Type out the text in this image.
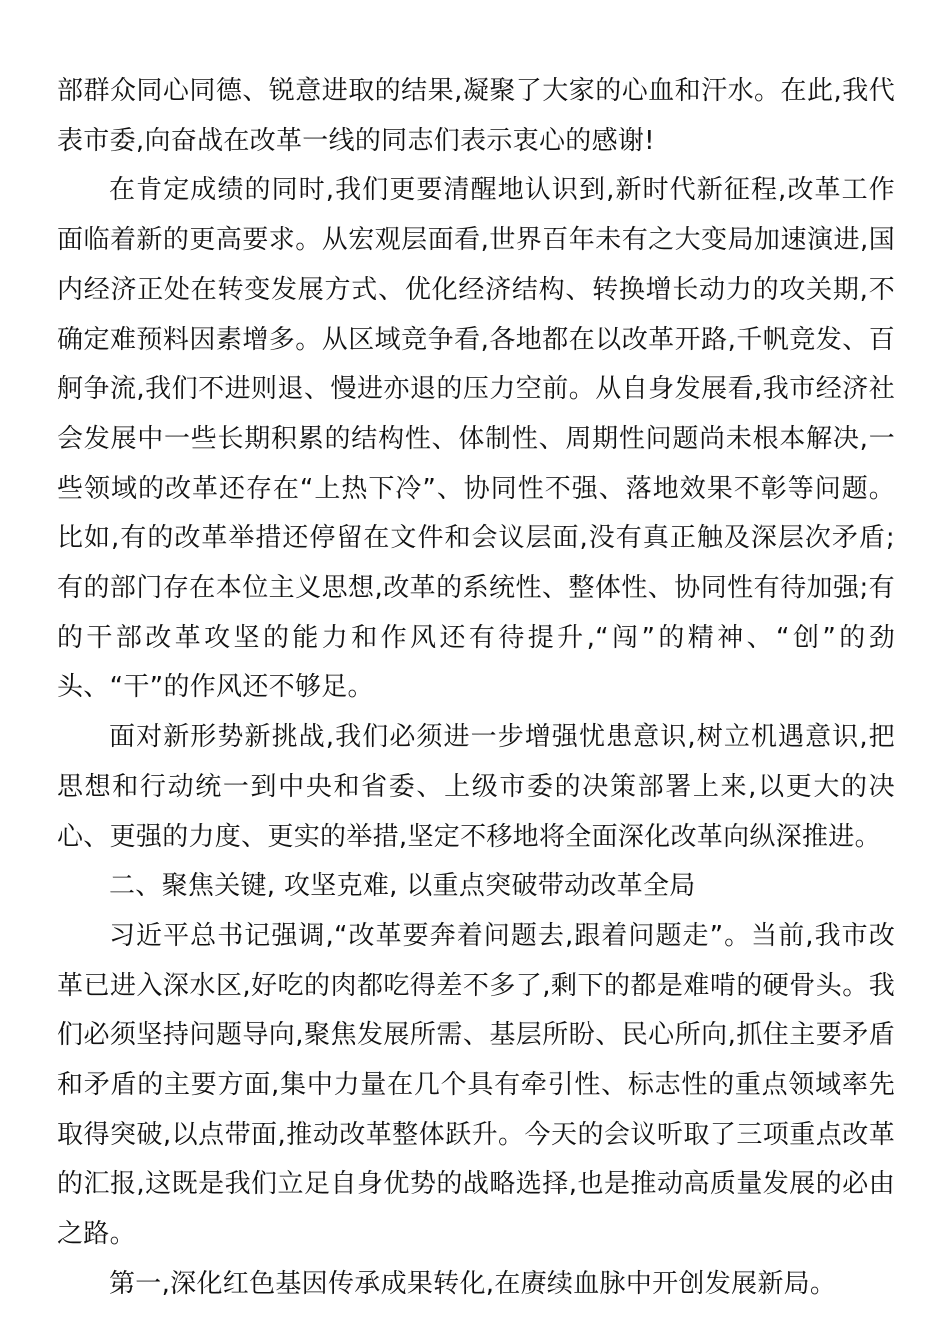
部群众同心同德、锐意进取的结果,凝聚了大家的心血和汗水。在此,我代表市委,向奋战在改革一线的同志们表示衷心的感谢!

在肯定成绩的同时,我们更要清醒地认识到,新时代新征程,改革工作面临着新的更高要求。从宏观层面看,世界百年未有之大变局加速演进,国内经济正处在转变发展方式、优化经济结构、转换增长动力的攻关期,不确定难预料因素增多。从区域竞争看,各地都在以改革开路,千帆竞发、百舸争流,我们不进则退、慢进亦退的压力空前。从自身发展看,我市经济社会发展中一些长期积累的结构性、体制性、周期性问题尚未根本解决,一些领域的改革还存在“上热下冷”、协同性不强、落地效果不彰等问题。比如,有的改革举措还停留在文件和会议层面,没有真正触及深层次矛盾;有的部门存在本位主义思想,改革的系统性、整体性、协同性有待加强;有的干部改革攻坚的能力和作风还有待提升,“闯”的精神、“创”的劲头、“干”的作风还不够足。

面对新形势新挑战,我们必须进一步增强忧患意识,树立机遇意识,把思想和行动统一到中央和省委、上级市委的决策部署上来,以更大的决心、更强的力度、更实的举措,坚定不移地将全面深化改革向纵深推进。

二、聚焦关键, 攻坚克难, 以重点突破带动改革全局

习近平总书记强调,“改革要奔着问题去,跟着问题走”。当前,我市改革已进入深水区,好吃的肉都吃得差不多了,剩下的都是难啃的硬骨头。我们必须坚持问题导向,聚焦发展所需、基层所盼、民心所向,抓住主要矛盾和矛盾的主要方面,集中力量在几个具有牵引性、标志性的重点领域率先取得突破,以点带面,推动改革整体跃升。今天的会议听取了三项重点改革的汇报,这既是我们立足自身优势的战略选择,也是推动高质量发展的必由之路。

第一,深化红色基因传承成果转化,在赓续血脉中开创发展新局。
